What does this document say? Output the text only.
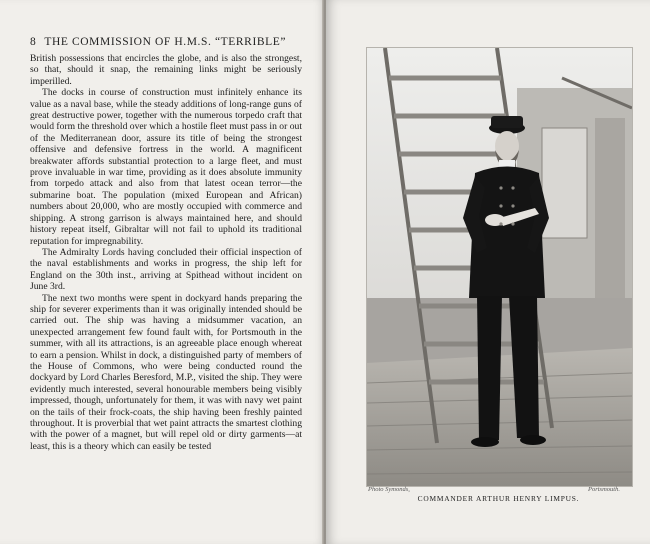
8 THE COMMISSION OF H.M.S. “TERRIBLE”

British possessions that encircles the globe, and is also the strongest, so that, should it snap, the remaining links might be seriously imperilled.

The docks in course of construction must infinitely enhance its value as a naval base, while the steady additions of long-range guns of great destructive power, together with the numerous torpedo craft that would form the threshold over which a hostile fleet must pass in or out of the Mediterranean door, assure its title of being the strongest offensive and defensive fortress in the world. A magnificent breakwater affords substantial protection to a large fleet, and must prove invaluable in war time, providing as it does absolute immunity from torpedo attack and also from that latest ocean terror—the submarine boat. The population (mixed European and African) numbers about 20,000, who are mostly occupied with commerce and shipping. A strong garrison is always maintained here, and should history repeat itself, Gibraltar will not fail to uphold its traditional reputation for impregnability.

The Admiralty Lords having concluded their official inspection of the naval establishments and works in progress, the ship left for England on the 30th inst., arriving at Spithead without incident on June 3rd.

The next two months were spent in dockyard hands preparing the ship for severer experiments than it was originally intended should be carried out. The ship was having a midsummer vacation, an unexpected arrangement few found fault with, for Portsmouth in the summer, with all its attractions, is an agreeable place enough whereat to earn a pension. Whilst in dock, a distinguished party of members of the House of Commons, who were being conducted round the dockyard by Lord Charles Beresford, M.P., visited the ship. They were evidently much interested, several honourable members being visibly impressed, though, unfortunately for them, it was with navy wet paint on the tails of their frock-coats, the ship having been freshly painted throughout. It is proverbial that wet paint attracts the smartest clothing with the power of a magnet, but will repel old or dirty garments—at least, this is a theory which can easily be tested

Photo Symonds,	Portsmouth.
COMMANDER ARTHUR HENRY LIMPUS.
